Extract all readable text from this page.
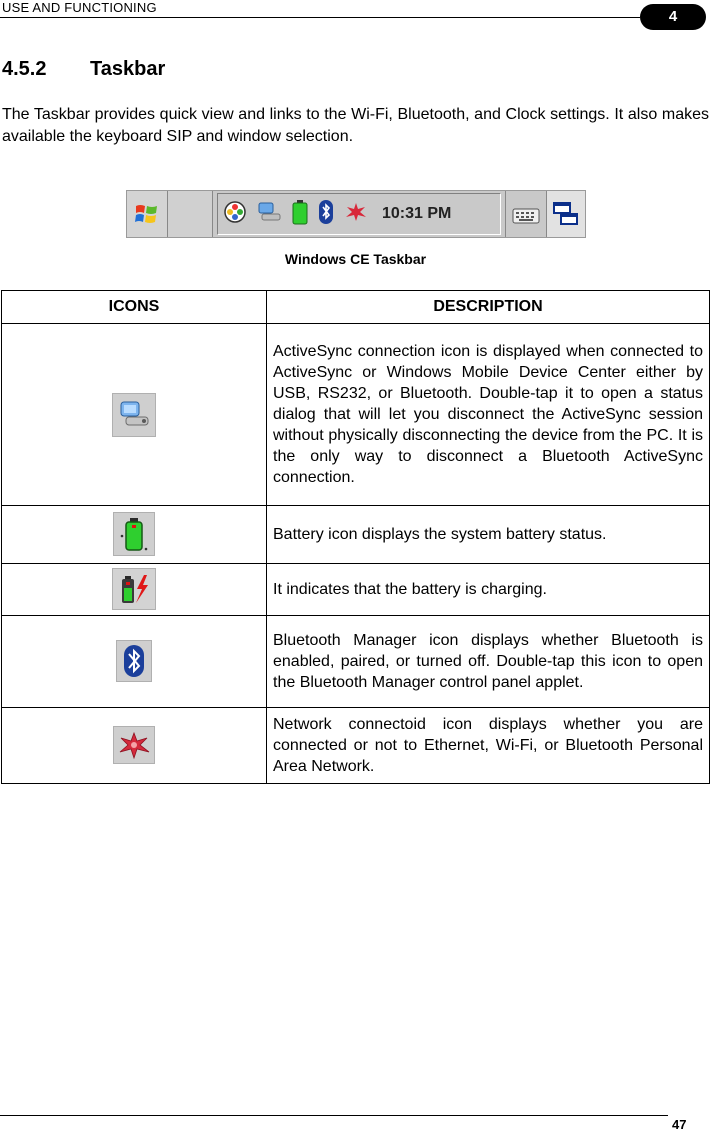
USE AND FUNCTIONING
4
4.5.2 Taskbar
The Taskbar provides quick view and links to the Wi-Fi, Bluetooth, and Clock settings. It also makes available the keyboard SIP and window selection.
10:31 PM
Windows CE Taskbar
ICONS	DESCRIPTION

	ActiveSync connection icon is displayed when connected to ActiveSync or Windows Mobile Device Center either by USB, RS232, or Bluetooth. Double-tap it to open a status dialog that will let you disconnect the ActiveSync session without physically disconnecting the device from the PC. It is the only way to disconnect a Bluetooth ActiveSync connection.

	Battery icon displays the system battery status.

	It indicates that the battery is charging.

	Bluetooth Manager icon displays whether Bluetooth is enabled, paired, or turned off. Double-tap this icon to open the Bluetooth Manager control panel applet.

	Network connectoid icon displays whether you are connected or not to Ethernet, Wi-Fi, or Bluetooth Personal Area Network.
47
